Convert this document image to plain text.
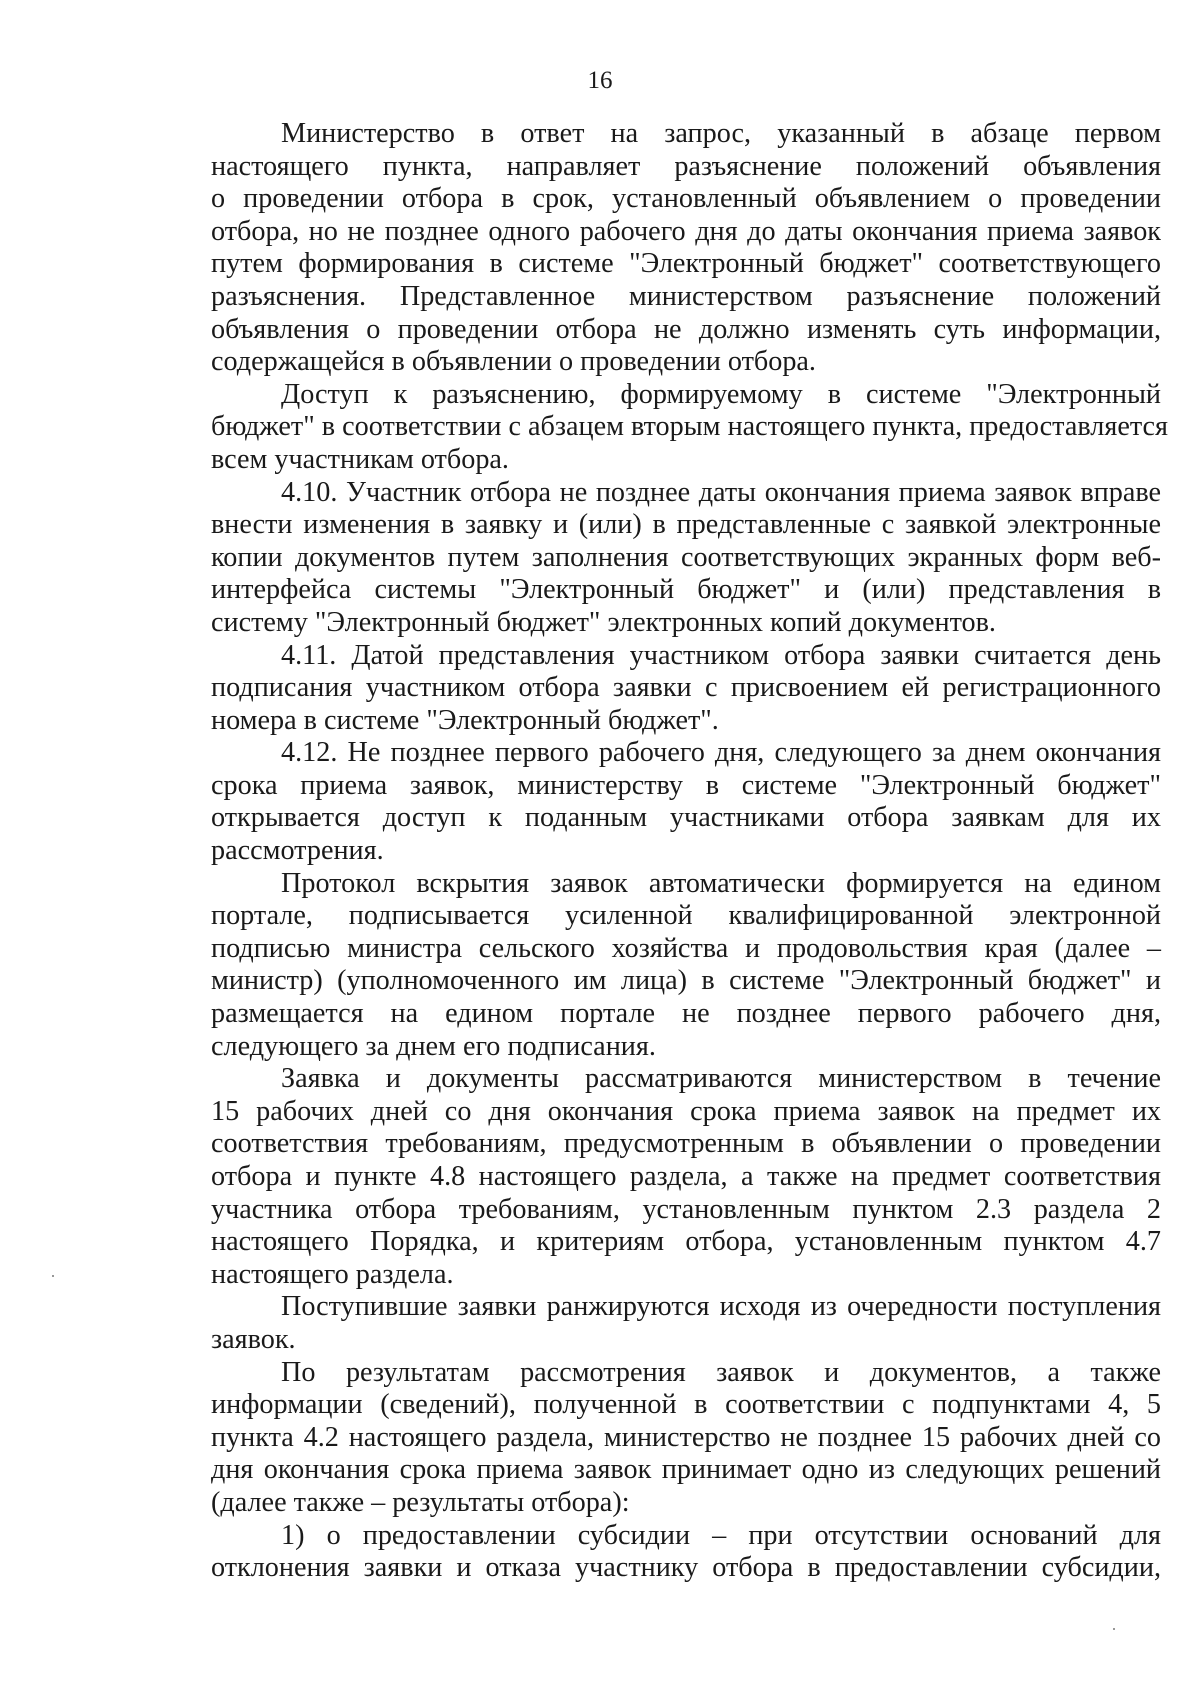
16
Министерство в ответ на запрос, указанный в абзаце первом
настоящего пункта, направляет разъяснение положений объявления
о проведении отбора в срок, установленный объявлением о проведении
отбора, но не позднее одного рабочего дня до даты окончания приема заявок
путем формирования в системе "Электронный бюджет" соответствующего
разъяснения. Представленное министерством разъяснение положений
объявления о проведении отбора не должно изменять суть информации,
содержащейся в объявлении о проведении отбора.
Доступ к разъяснению, формируемому в системе "Электронный
бюджет" в соответствии с абзацем вторым настоящего пункта, предоставляется
всем участникам отбора.
4.10. Участник отбора не позднее даты окончания приема заявок вправе
внести изменения в заявку и (или) в представленные с заявкой электронные
копии документов путем заполнения соответствующих экранных форм веб-
интерфейса системы "Электронный бюджет" и (или) представления в
систему "Электронный бюджет" электронных копий документов.
4.11. Датой представления участником отбора заявки считается день
подписания участником отбора заявки с присвоением ей регистрационного
номера в системе "Электронный бюджет".
4.12. Не позднее первого рабочего дня, следующего за днем окончания
срока приема заявок, министерству в системе "Электронный бюджет"
открывается доступ к поданным участниками отбора заявкам для их
рассмотрения.
Протокол вскрытия заявок автоматически формируется на едином
портале, подписывается усиленной квалифицированной электронной
подписью министра сельского хозяйства и продовольствия края (далее –
министр) (уполномоченного им лица) в системе "Электронный бюджет" и
размещается на едином портале не позднее первого рабочего дня,
следующего за днем его подписания.
Заявка и документы рассматриваются министерством в течение
15 рабочих дней со дня окончания срока приема заявок на предмет их
соответствия требованиям, предусмотренным в объявлении о проведении
отбора и пункте 4.8 настоящего раздела, а также на предмет соответствия
участника отбора требованиям, установленным пунктом 2.3 раздела 2
настоящего Порядка, и критериям отбора, установленным пунктом 4.7
настоящего раздела.
Поступившие заявки ранжируются исходя из очередности поступления
заявок.
По результатам рассмотрения заявок и документов, а также
информации (сведений), полученной в соответствии с подпунктами 4, 5
пункта 4.2 настоящего раздела, министерство не позднее 15 рабочих дней со
дня окончания срока приема заявок принимает одно из следующих решений
(далее также – результаты отбора):
1) о предоставлении субсидии – при отсутствии оснований для
отклонения заявки и отказа участнику отбора в предоставлении субсидии,
